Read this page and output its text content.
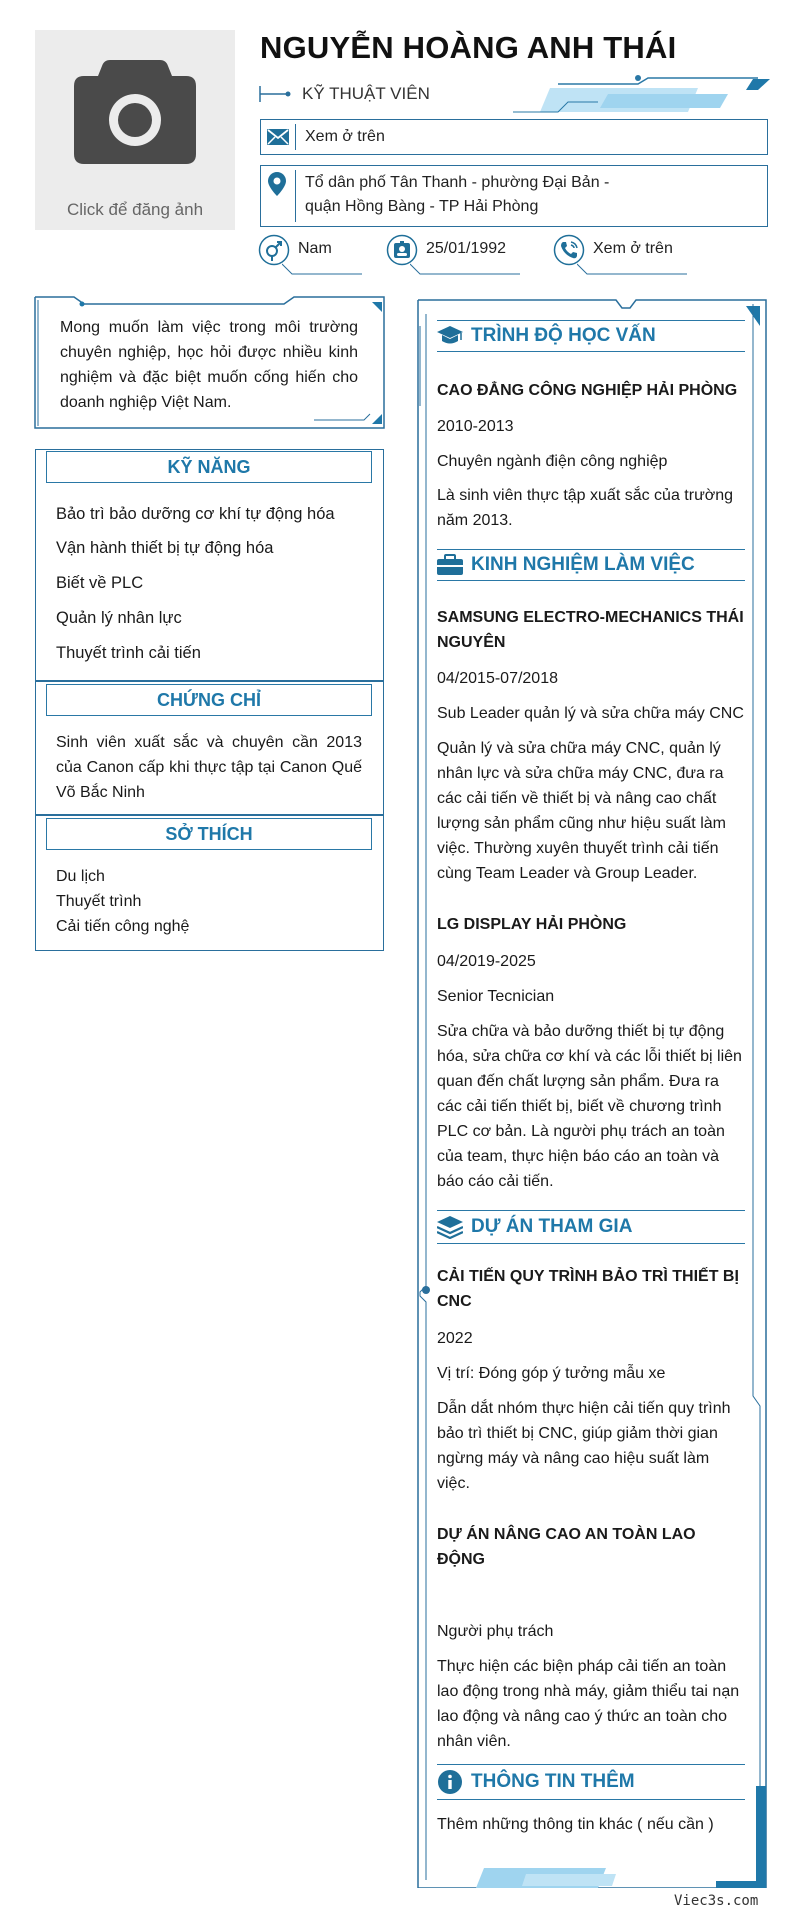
Click để đăng ảnh
NGUYỄN HOÀNG ANH THÁI
KỸ THUẬT VIÊN
Xem ở trên
Tổ dân phố Tân Thanh - phường Đại Bản -
quận Hồng Bàng - TP Hải Phòng
Nam	25/01/1992	Xem ở trên
Mong muốn làm việc trong môi trường chuyên nghiệp, học hỏi được nhiều kinh nghiệm và đặc biệt muốn cống hiến cho doanh nghiệp Việt Nam.
KỸ NĂNG
Bảo trì bảo dưỡng cơ khí tự động hóa
Vận hành thiết bị tự động hóa
Biết về PLC
Quản lý nhân lực
Thuyết trình cải tiến
CHỨNG CHỈ
Sinh viên xuất sắc và chuyên cần 2013 của Canon cấp khi thực tập tại Canon Quế Võ Bắc Ninh
SỞ THÍCH
Du lịch
Thuyết trình
Cải tiến công nghệ
TRÌNH ĐỘ HỌC VẤN
CAO ĐẲNG CÔNG NGHIỆP HẢI PHÒNG
2010-2013
Chuyên ngành điện công nghiệp
Là sinh viên thực tập xuất sắc của trường năm 2013.
KINH NGHIỆM LÀM VIỆC
SAMSUNG ELECTRO-MECHANICS THÁI NGUYÊN
04/2015-07/2018
Sub Leader quản lý và sửa chữa máy CNC
Quản lý và sửa chữa máy CNC, quản lý nhân lực và sửa chữa máy CNC, đưa ra các cải tiến về thiết bị và nâng cao chất lượng sản phẩm cũng như hiệu suất làm việc. Thường xuyên thuyết trình cải tiến cùng Team Leader và Group Leader.
LG DISPLAY HẢI PHÒNG
04/2019-2025
Senior Tecnician
Sửa chữa và bảo dưỡng thiết bị tự động hóa, sửa chữa cơ khí và các lỗi thiết bị liên quan đến chất lượng sản phẩm. Đưa ra các cải tiến thiết bị, biết về chương trình PLC cơ bản. Là người phụ trách an toàn của team, thực hiện báo cáo an toàn và báo cáo cải tiến.
DỰ ÁN THAM GIA
CẢI TIẾN QUY TRÌNH BẢO TRÌ THIẾT BỊ CNC
2022
Vị trí: Đóng góp ý tưởng mẫu xe
Dẫn dắt nhóm thực hiện cải tiến quy trình bảo trì thiết bị CNC, giúp giảm thời gian ngừng máy và nâng cao hiệu suất làm việc.
DỰ ÁN NÂNG CAO AN TOÀN LAO ĐỘNG
Người phụ trách
Thực hiện các biện pháp cải tiến an toàn lao động trong nhà máy, giảm thiểu tai nạn lao động và nâng cao ý thức an toàn cho nhân viên.
THÔNG TIN THÊM
Thêm những thông tin khác ( nếu cần )
Viec3s.com
